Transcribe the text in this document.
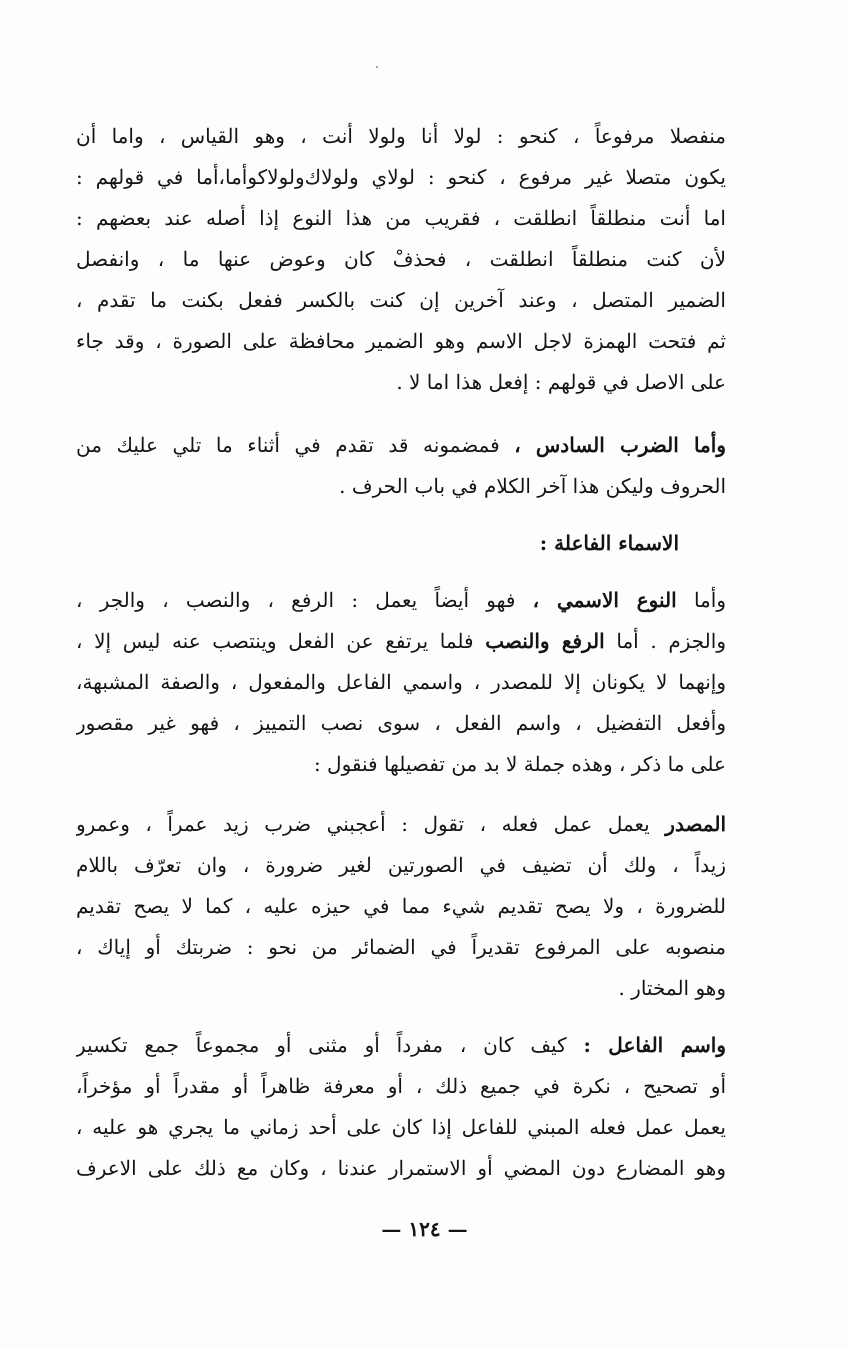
منفصلا مرفوعاً ، كنحو : لولا أنا ولولا أنت ، وهو القياس ، واما أن
يكون متصلا غير مرفوع ، كنحو : لولاي ولولاك‌ولولاكوأما،أما في قولهم :
اما أنت منطلقاً انطلقت ، فقريب من هذا النوع إذا أصله عند بعضهم :
لأن كنت منطلقاً انطلقت ، فحذفْ كان وعوض عنها ما ، وانفصل
الضمير المتصل ، وعند آخرين إن كنت بالكسر ففعل بكنت ما تقدم ،
ثم فتحت الهمزة لاجل الاسم وهو الضمير محافظة على الصورة ، وقد جاء
على الاصل في قولهم : إفعل هذا اما لا .
وأما الضرب السادس ، فمضمونه قد تقدم في أثناء ما تلي عليك من
الحروف وليكن هذا آخر الكلام في باب الحرف .
الاسماء الفاعلة :
وأما النوع الاسمي ، فهو أيضاً يعمل : الرفع ، والنصب ، والجر ،
والجزم . أما الرفع والنصب فلما يرتفع عن الفعل وينتصب عنه ليس إلا ،
وإنهما لا يكونان إلا للمصدر ، واسمي الفاعل والمفعول ، والصفة المشبهة،
وأفعل التفضيل ، واسم الفعل ، سوى نصب التمييز ، فهو غير مقصور
على ما ذكر ، وهذه جملة لا بد من تفصيلها فنقول :
المصدر يعمل عمل فعله ، تقول : أعجبني ضرب زيد عمراً ، وعمرو
زيداً ، ولك أن تضيف في الصورتين لغير ضرورة ، وان تعرّف باللام
للضرورة ، ولا يصح تقديم شيء مما في حيزه عليه ، كما لا يصح تقديم
منصوبه على المرفوع تقديراً في الضمائر من نحو : ضربتك أو إياك ،
وهو المختار .
واسم الفاعل : كيف كان ، مفرداً أو مثنى أو مجموعاً جمع تكسير
أو تصحيح ، نكرة في جميع ذلك ، أو معرفة ظاهراً أو مقدراً أو مؤخراً،
يعمل عمل فعله المبني للفاعل إذا كان على أحد زماني ما يجري هو عليه ،
وهو المضارع دون المضي أو الاستمرار عندنا ، وكان مع ذلك على الاعرف
— ١٢٤ —
